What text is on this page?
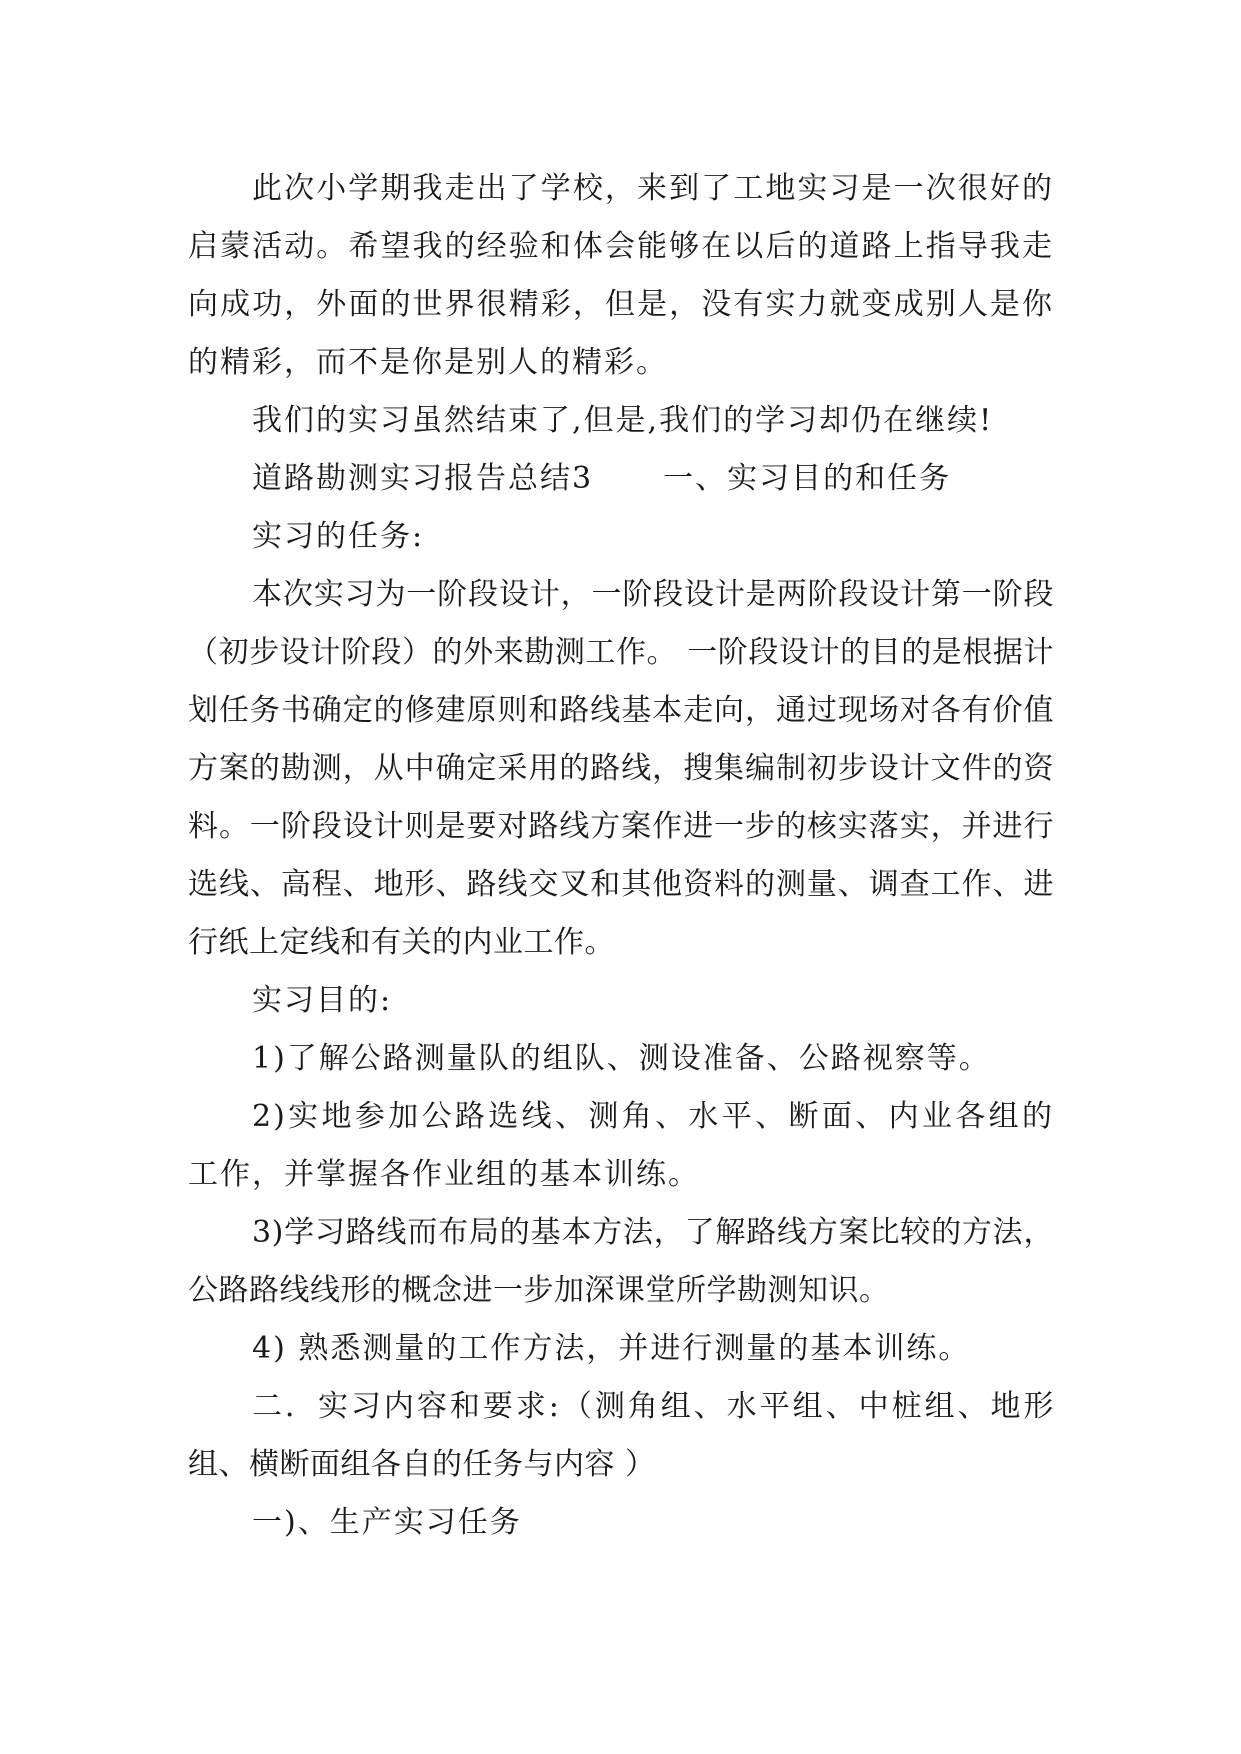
此次小学期我走出了学校，来到了工地实习是一次很好的启蒙活动。希望我的经验和体会能够在以后的道路上指导我走向成功，外面的世界很精彩，但是，没有实力就变成别人是你的精彩，而不是你是别人的精彩。

我们的实习虽然结束了,但是,我们的学习却仍在继续!

道路勘测实习报告总结3 一、实习目的和任务

实习的任务:

本次实习为一阶段设计，一阶段设计是两阶段设计第一阶段（初步设计阶段）的外来勘测工作。 一阶段设计的目的是根据计划任务书确定的修建原则和路线基本走向，通过现场对各有价值方案的勘测，从中确定采用的路线，搜集编制初步设计文件的资料。一阶段设计则是要对路线方案作进一步的核实落实，并进行选线、高程、地形、路线交叉和其他资料的测量、调查工作、进行纸上定线和有关的内业工作。

实习目的:

1)了解公路测量队的组队、测设准备、公路视察等。

2)实地参加公路选线、测角、水平、断面、内业各组的工作，并掌握各作业组的基本训练。

3)学习路线而布局的基本方法，了解路线方案比较的方法，公路路线线形的概念进一步加深课堂所学勘测知识。

4) 熟悉测量的工作方法，并进行测量的基本训练。

二．实习内容和要求:（测角组、水平组、中桩组、地形组、横断面组各自的任务与内容 ）

一)、生产实习任务
